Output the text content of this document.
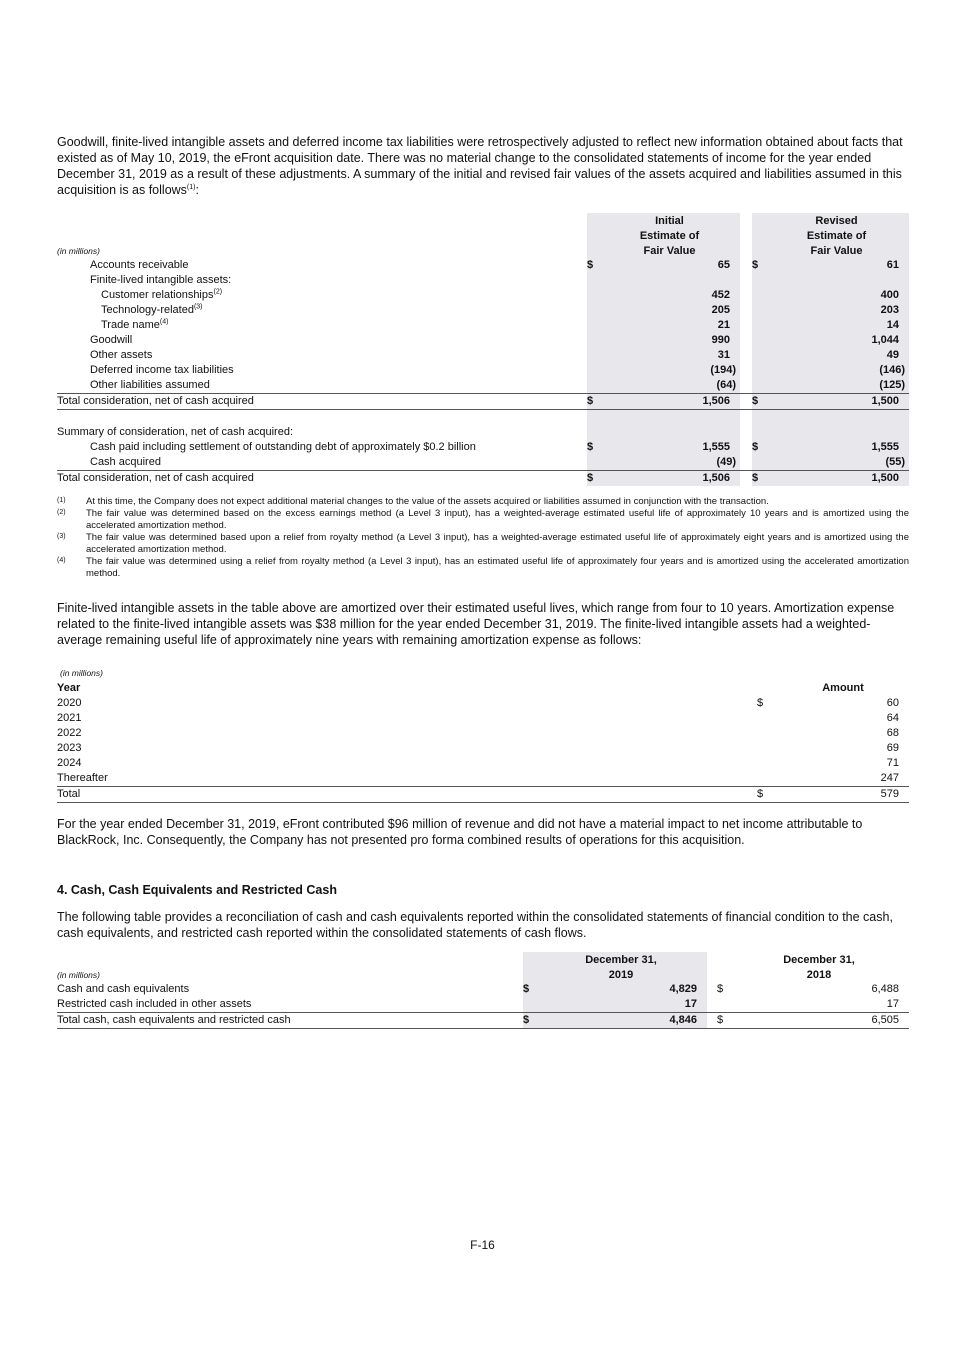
Goodwill, finite-lived intangible assets and deferred income tax liabilities were retrospectively adjusted to reflect new information obtained about facts that existed as of May 10, 2019, the eFront acquisition date. There was no material change to the consolidated statements of income for the year ended December 31, 2019 as a result of these adjustments. A summary of the initial and revised fair values of the assets acquired and liabilities assumed in this acquisition is as follows$^{(1)}$:

		Initial			Revised
		Estimate of			Estimate of
(in millions)		Fair Value			Fair Value
Accounts receivable	$	65		$	61
Finite-lived intangible assets:					
Customer relationships$^{(2)}$		452			400
Technology-related$^{(3)}$		205			203
Trade name$^{(4)}$		21			14
Goodwill		990			1,044
Other assets		31			49
Deferred income tax liabilities		(194)			(146)
Other liabilities assumed		(64)			(125)
Total consideration, net of cash acquired	$	1,506		$	1,500

Summary of consideration, net of cash acquired:					
Cash paid including settlement of outstanding debt of approximately $0.2 billion	$	1,555		$	1,555
Cash acquired		(49)			(55)
Total consideration, net of cash acquired	$	1,506		$	1,500
(1)	At this time, the Company does not expect additional material changes to the value of the assets acquired or liabilities assumed in conjunction with the transaction.
(2)	The fair value was determined based on the excess earnings method (a Level 3 input), has a weighted-average estimated useful life of approximately 10 years and is amortized using the accelerated amortization method.
(3)	The fair value was determined based upon a relief from royalty method (a Level 3 input), has a weighted-average estimated useful life of approximately eight years and is amortized using the accelerated amortization method.
(4)	The fair value was determined using a relief from royalty method (a Level 3 input), has an estimated useful life of approximately four years and is amortized using the accelerated amortization method.

Finite-lived intangible assets in the table above are amortized over their estimated useful lives, which range from four to 10 years. Amortization expense related to the finite-lived intangible assets was $38 million for the year ended December 31, 2019. The finite-lived intangible assets had a weighted-average remaining useful life of approximately nine years with remaining amortization expense as follows:

(in millions)		
Year		Amount
2020	$	60
2021		64
2022		68
2023		69
2024		71
Thereafter		247
Total	$	579

For the year ended December 31, 2019, eFront contributed $96 million of revenue and did not have a material impact to net income attributable to BlackRock, Inc. Consequently, the Company has not presented pro forma combined results of operations for this acquisition.

4. Cash, Cash Equivalents and Restricted Cash

The following table provides a reconciliation of cash and cash equivalents reported within the consolidated statements of financial condition to the cash, cash equivalents, and restricted cash reported within the consolidated statements of cash flows.

		December 31,			December 31,
(in millions)		2019			2018
Cash and cash equivalents	$	4,829		$	6,488
Restricted cash included in other assets		17			17
Total cash, cash equivalents and restricted cash	$	4,846		$	6,505
F-16
